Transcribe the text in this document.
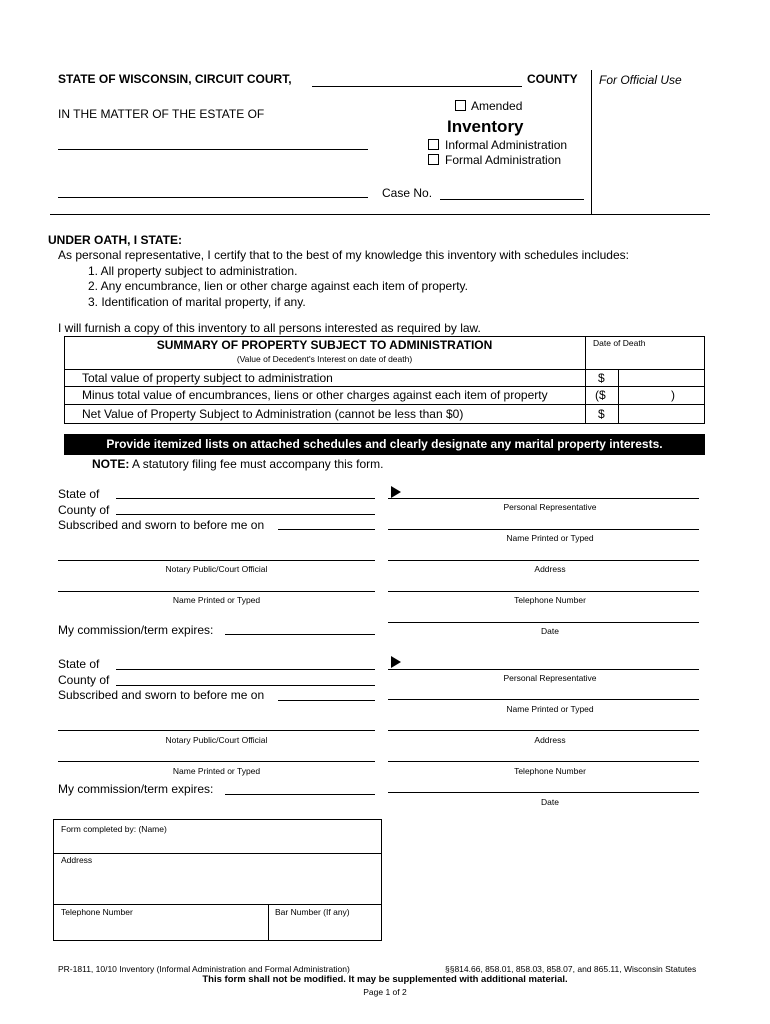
STATE OF WISCONSIN, CIRCUIT COURT,	COUNTY For Official Use
IN THE MATTER OF THE ESTATE OF
Amended
Inventory
Informal Administration
Formal Administration
Case No.
UNDER OATH, I STATE:
As personal representative, I certify that to the best of my knowledge this inventory with schedules includes:
1. All property subject to administration.
2. Any encumbrance, lien or other charge against each item of property.
3. Identification of marital property, if any.
I will furnish a copy of this inventory to all persons interested as required by law.
SUMMARY OF PROPERTY SUBJECT TO ADMINISTRATION
(Value of Decedent's Interest on date of death)
Date of Death
Total value of property subject to administration	$
Minus total value of encumbrances, liens or other charges against each item of property	($	)
Net Value of Property Subject to Administration (cannot be less than $0)	$
Provide itemized lists on attached schedules and clearly designate any marital property interests.
NOTE: A statutory filing fee must accompany this form.
State of
County of
Subscribed and sworn to before me on
Notary Public/Court Official
Name Printed or Typed
My commission/term expires:
Personal Representative
Name Printed or Typed
Address
Telephone Number
Date
State of
County of
Subscribed and sworn to before me on
Notary Public/Court Official
Name Printed or Typed
My commission/term expires:
Personal Representative
Name Printed or Typed
Address
Telephone Number
Date
Form completed by: (Name)
Address
Telephone Number	Bar Number (If any)
PR-1811, 10/10 Inventory (Informal Administration and Formal Administration)	§§814.66, 858.01, 858.03, 858.07, and 865.11, Wisconsin Statutes
This form shall not be modified. It may be supplemented with additional material.
Page 1 of 2
